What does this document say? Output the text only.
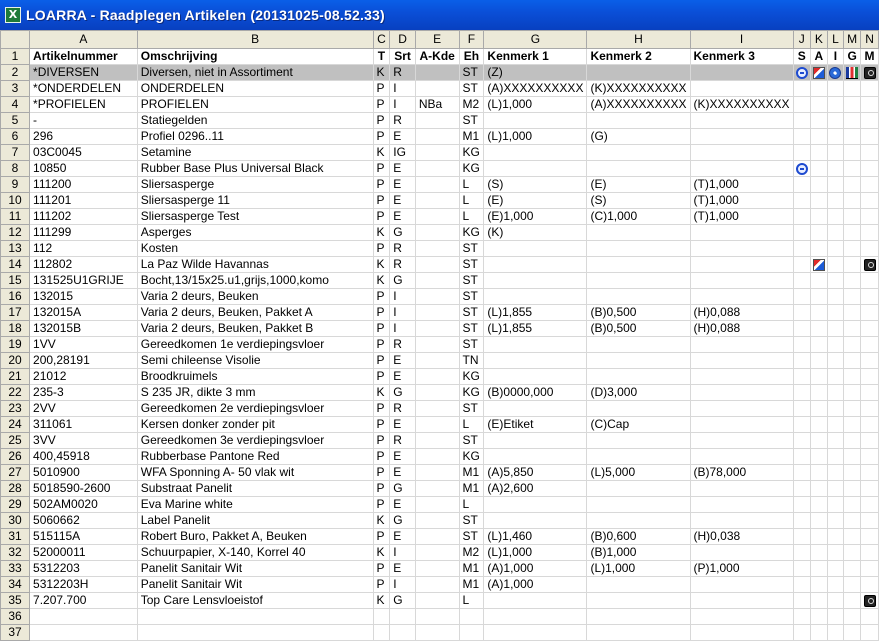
X LOARRA - Raadplegen Artikelen (20131025-08.52.33)
	A	B	C	D	E	F	G	H	I	J	K	L	M	N
1	Artikelnummer	Omschrijving	T	Srt	A-Kde	Eh	Kenmerk 1	Kenmerk 2	Kenmerk 3	S	A	I	G	M
2	*DIVERSEN	Diversen, niet in Assortiment	K	R		ST	(Z)							
3	*ONDERDELEN	ONDERDELEN	P	I		ST	(A)XXXXXXXXXX	(K)XXXXXXXXXX						
4	*PROFIELEN	PROFIELEN	P	I	NBa	M2	(L)1,000	(A)XXXXXXXXXX	(K)XXXXXXXXXX					
5	-	Statiegelden	P	R		ST								
6	296	Profiel 0296..11	P	E		M1	(L)1,000	(G)						
7	03C0045	Setamine	K	IG		KG								
8	10850	Rubber Base Plus Universal Black	P	E		KG								
9	111200	Sliersasperge	P	E		L	(S)	(E)	(T)1,000					
10	111201	Sliersasperge 11	P	E		L	(E)	(S)	(T)1,000					
11	111202	Sliersasperge Test	P	E		L	(E)1,000	(C)1,000	(T)1,000					
12	111299	Asperges	K	G		KG	(K)							
13	112	Kosten	P	R		ST								
14	112802	La Paz Wilde Havannas	K	R		ST								
15	131525U1GRIJE	Bocht,13/15x25.u1,grijs,1000,komo	K	G		ST								
16	132015	Varia 2 deurs, Beuken	P	I		ST								
17	132015A	Varia 2 deurs, Beuken, Pakket A	P	I		ST	(L)1,855	(B)0,500	(H)0,088					
18	132015B	Varia 2 deurs, Beuken, Pakket B	P	I		ST	(L)1,855	(B)0,500	(H)0,088					
19	1VV	Gereedkomen 1e verdiepingsvloer	P	R		ST								
20	200,28191	Semi chileense Visolie	P	E		TN								
21	21012	Broodkruimels	P	E		KG								
22	235-3	S 235 JR, dikte 3 mm	K	G		KG	(B)0000,000	(D)3,000						
23	2VV	Gereedkomen 2e verdiepingsvloer	P	R		ST								
24	311061	Kersen donker zonder pit	P	E		L	(E)Etiket	(C)Cap						
25	3VV	Gereedkomen 3e verdiepingsvloer	P	R		ST								
26	400,45918	Rubberbase Pantone Red	P	E		KG								
27	5010900	WFA Sponning A- 50 vlak wit	P	E		M1	(A)5,850	(L)5,000	(B)78,000					
28	5018590-2600	Substraat Panelit	P	G		M1	(A)2,600							
29	502AM0020	Eva Marine white	P	E		L								
30	5060662	Label Panelit	K	G		ST								
31	515115A	Robert Buro, Pakket A, Beuken	P	E		ST	(L)1,460	(B)0,600	(H)0,038					
32	52000011	Schuurpapier, X-140, Korrel 40	K	I		M2	(L)1,000	(B)1,000						
33	5312203	Panelit Sanitair Wit	P	E		M1	(A)1,000	(L)1,000	(P)1,000					
34	5312203H	Panelit Sanitair Wit	P	I		M1	(A)1,000							
35	7.207.700	Top Care Lensvloeistof	K	G		L								
36														
37														
